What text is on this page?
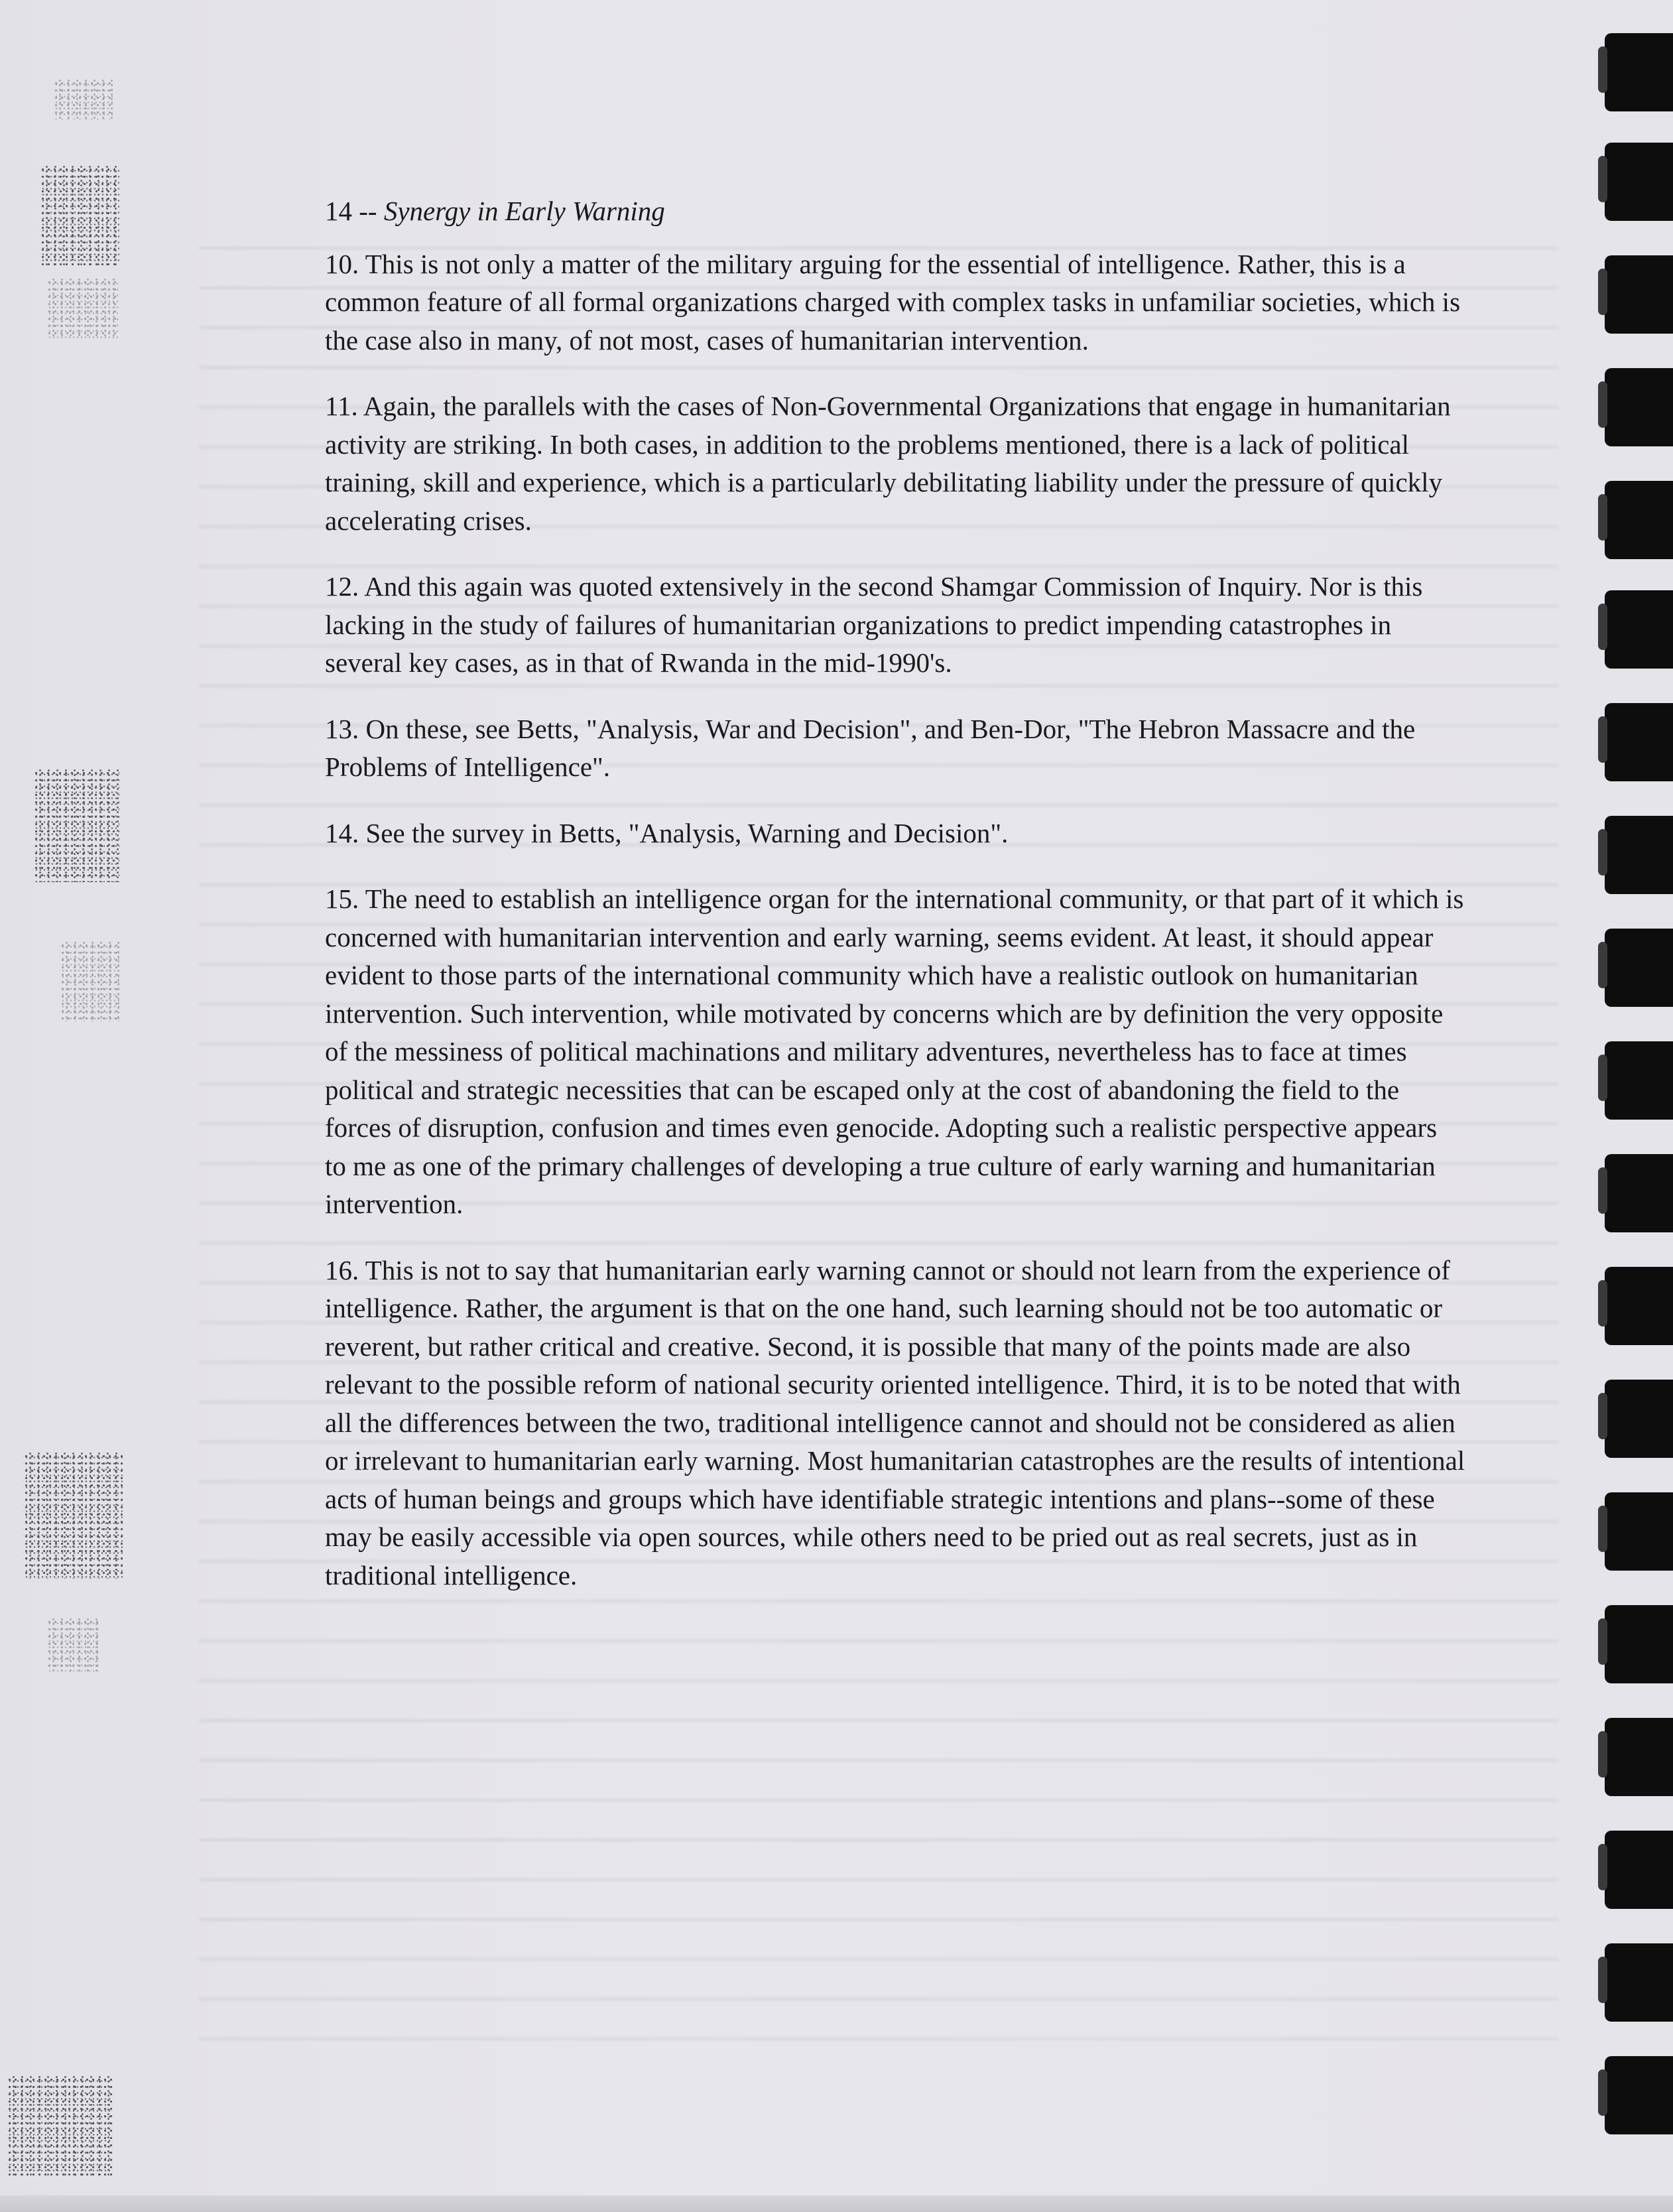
14 -- Synergy in Early Warning
10. This is not only a matter of the military arguing for the essential of intelligence. Rather, this is a
common feature of all formal organizations charged with complex tasks in unfamiliar societies, which is
the case also in many, of not most, cases of humanitarian intervention.
11. Again, the parallels with the cases of Non-Governmental Organizations that engage in humanitarian
activity are striking. In both cases, in addition to the problems mentioned, there is a lack of political
training, skill and experience, which is a particularly debilitating liability under the pressure of quickly
accelerating crises.
12. And this again was quoted extensively in the second Shamgar Commission of Inquiry. Nor is this
lacking in the study of failures of humanitarian organizations to predict impending catastrophes in
several key cases, as in that of Rwanda in the mid-1990's.
13. On these, see Betts, "Analysis, War and Decision", and Ben-Dor, "The Hebron Massacre and the
Problems of Intelligence".
14. See the survey in Betts, "Analysis, Warning and Decision".
15. The need to establish an intelligence organ for the international community, or that part of it which is
concerned with humanitarian intervention and early warning, seems evident. At least, it should appear
evident to those parts of the international community which have a realistic outlook on humanitarian
intervention. Such intervention, while motivated by concerns which are by definition the very opposite
of the messiness of political machinations and military adventures, nevertheless has to face at times
political and strategic necessities that can be escaped only at the cost of abandoning the field to the
forces of disruption, confusion and times even genocide. Adopting such a realistic perspective appears
to me as one of the primary challenges of developing a true culture of early warning and humanitarian
intervention.
16. This is not to say that humanitarian early warning cannot or should not learn from the experience of
intelligence. Rather, the argument is that on the one hand, such learning should not be too automatic or
reverent, but rather critical and creative. Second, it is possible that many of the points made are also
relevant to the possible reform of national security oriented intelligence. Third, it is to be noted that with
all the differences between the two, traditional intelligence cannot and should not be considered as alien
or irrelevant to humanitarian early warning. Most humanitarian catastrophes are the results of intentional
acts of human beings and groups which have identifiable strategic intentions and plans--some of these
may be easily accessible via open sources, while others need to be pried out as real secrets, just as in
traditional intelligence.
